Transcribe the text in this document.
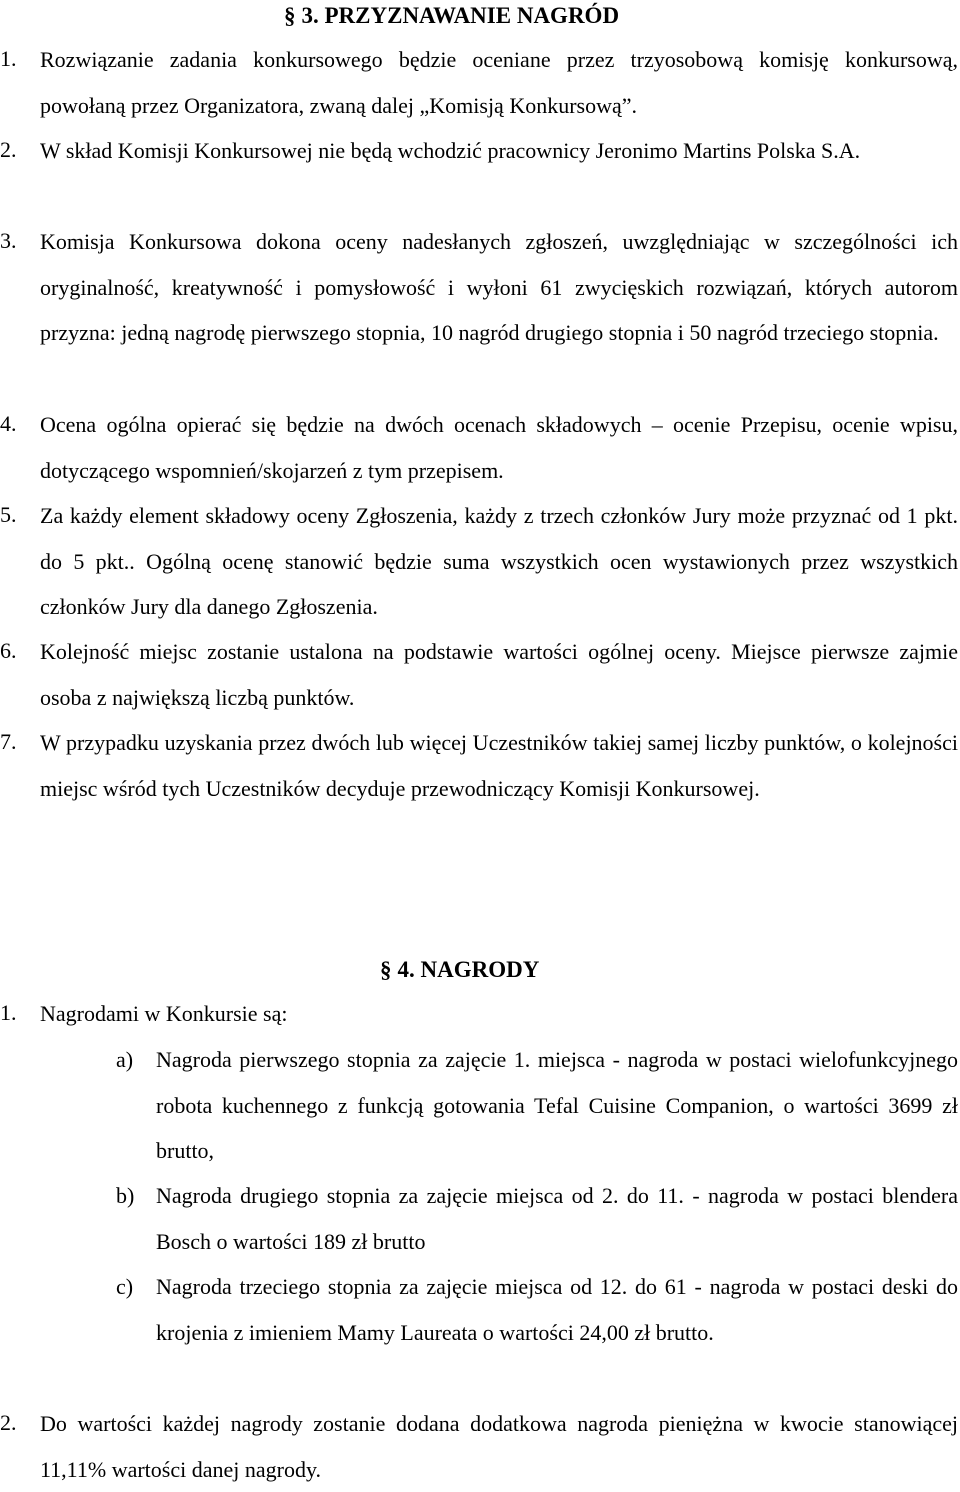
§ 3. PRZYZNAWANIE NAGRÓD
1. Rozwiązanie zadania konkursowego będzie oceniane przez trzyosobową komisję konkursową, powołaną przez Organizatora, zwaną dalej „Komisją Konkursową”.
2. W skład Komisji Konkursowej nie będą wchodzić pracownicy Jeronimo Martins Polska S.A.
3. Komisja Konkursowa dokona oceny nadesłanych zgłoszeń, uwzględniając w szczególności ich oryginalność, kreatywność i pomysłowość i wyłoni 61 zwycięskich rozwiązań, których autorom przyzna: jedną nagrodę pierwszego stopnia, 10 nagród drugiego stopnia i 50 nagród trzeciego stopnia.
4. Ocena ogólna opierać się będzie na dwóch ocenach składowych – ocenie Przepisu, ocenie wpisu, dotyczącego wspomnień/skojarzeń z tym przepisem.
5. Za każdy element składowy oceny Zgłoszenia, każdy z trzech członków Jury może przyznać od 1 pkt. do 5 pkt.. Ogólną ocenę stanowić będzie suma wszystkich ocen wystawionych przez wszystkich członków Jury dla danego Zgłoszenia.
6. Kolejność miejsc zostanie ustalona na podstawie wartości ogólnej oceny. Miejsce pierwsze zajmie osoba z największą liczbą punktów.
7. W przypadku uzyskania przez dwóch lub więcej Uczestników takiej samej liczby punktów, o kolejności miejsc wśród tych Uczestników decyduje przewodniczący Komisji Konkursowej.
§ 4. NAGRODY
1. Nagrodami w Konkursie są:
a) Nagroda pierwszego stopnia za zajęcie 1. miejsca - nagroda w postaci wielofunkcyjnego robota kuchennego z funkcją gotowania Tefal Cuisine Companion, o wartości 3699 zł brutto,
b) Nagroda drugiego stopnia za zajęcie miejsca od 2. do 11. - nagroda w postaci blendera Bosch o wartości 189 zł brutto
c) Nagroda trzeciego stopnia za zajęcie miejsca od 12. do 61 - nagroda w postaci deski do krojenia z imieniem Mamy Laureata o wartości 24,00 zł brutto.
2. Do wartości każdej nagrody zostanie dodana dodatkowa nagroda pieniężna w kwocie stanowiącej 11,11% wartości danej nagrody.
